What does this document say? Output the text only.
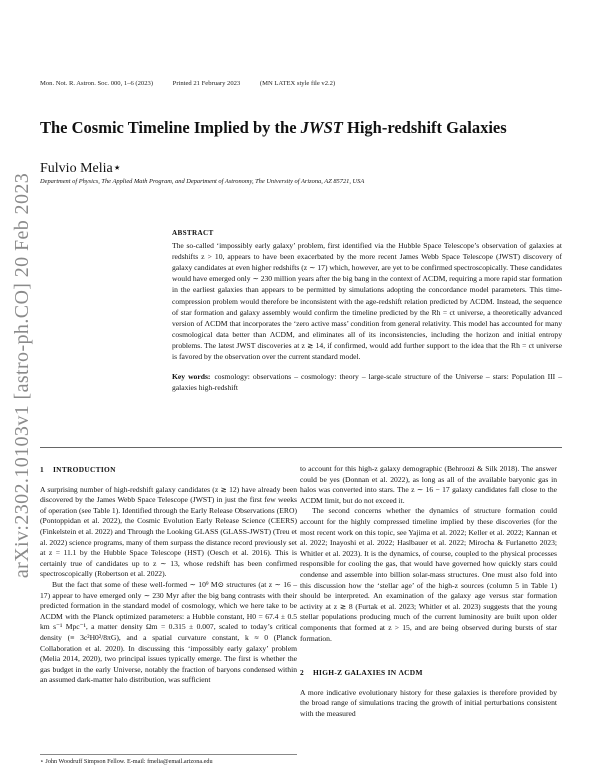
arXiv:2302.10103v1 [astro-ph.CO] 20 Feb 2023
Mon. Not. R. Astron. Soc. 000, 1–6 (2023)	Printed 21 February 2023	(MN LATEX style file v2.2)
The Cosmic Timeline Implied by the JWST High-redshift Galaxies
Fulvio Melia⋆
Department of Physics, The Applied Math Program, and Department of Astronomy, The University of Arizona, AZ 85721, USA
ABSTRACT
The so-called ‘impossibly early galaxy’ problem, first identified via the Hubble Space Telescope’s observation of galaxies at redshifts z > 10, appears to have been exacerbated by the more recent James Webb Space Telescope (JWST) discovery of galaxy candidates at even higher redshifts (z ∼ 17) which, however, are yet to be confirmed spectroscopically. These candidates would have emerged only ∼ 230 million years after the big bang in the context of ΛCDM, requiring a more rapid star formation in the earliest galaxies than appears to be permitted by simulations adopting the concordance model parameters. This time-compression problem would therefore be inconsistent with the age-redshift relation predicted by ΛCDM. Instead, the sequence of star formation and galaxy assembly would confirm the timeline predicted by the Rh = ct universe, a theoretically advanced version of ΛCDM that incorporates the ‘zero active mass’ condition from general relativity. This model has accounted for many cosmological data better than ΛCDM, and eliminates all of its inconsistencies, including the horizon and initial entropy problems. The latest JWST discoveries at z ≳ 14, if confirmed, would add further support to the idea that the Rh = ct universe is favored by the observation over the current standard model.
Key words: cosmology: observations – cosmology: theory – large-scale structure of the Universe – stars: Population III – galaxies high-redshift
1 INTRODUCTION

A surprising number of high-redshift galaxy candidates (z ≳ 12) have already been discovered by the James Webb Space Telescope (JWST) in just the first few weeks of operation (see Table 1). Identified through the Early Release Observations (ERO) (Pontoppidan et al. 2022), the Cosmic Evolution Early Release Science (CEERS) (Finkelstein et al. 2022) and Through the Looking GLASS (GLASS-JWST) (Treu et al. 2022) science programs, many of them surpass the distance record previously set at z = 11.1 by the Hubble Space Telescope (HST) (Oesch et al. 2016). This is certainly true of candidates up to z ∼ 13, whose redshift has been confirmed spectroscopically (Robertson et al. 2022).

But the fact that some of these well-formed ∼ 10⁹ M⊙ structures (at z ∼ 16 – 17) appear to have emerged only ∼ 230 Myr after the big bang contrasts with their predicted formation in the standard model of cosmology, which we here take to be ΛCDM with the Planck optimized parameters: a Hubble constant, H0 = 67.4 ± 0.5 km s⁻¹ Mpc⁻¹, a matter density Ωm = 0.315 ± 0.007, scaled to today’s critical density (≡ 3c²H0²/8πG), and a spatial curvature constant, k ≈ 0 (Planck Collaboration et al. 2020). In discussing this ‘impossibly early galaxy’ problem (Melia 2014, 2020), two principal issues typically emerge. The first is whether the gas budget in the early Universe, notably the fraction of baryons condensed within an assumed dark-matter halo distribution, was sufficient

to account for this high-z galaxy demographic (Behroozi & Silk 2018). The answer could be yes (Donnan et al. 2022), as long as all of the available baryonic gas in halos was converted into stars. The z ∼ 16 − 17 galaxy candidates fall close to the ΛCDM limit, but do not exceed it.

The second concerns whether the dynamics of structure formation could account for the highly compressed timeline implied by these discoveries (for the most recent work on this topic, see Yajima et al. 2022; Keller et al. 2022; Kannan et al. 2022; Inayoshi et al. 2022; Haslbauer et al. 2022; Mirocha & Furlanetto 2023; Whitler et al. 2023). It is the dynamics, of course, coupled to the physical processes responsible for cooling the gas, that would have governed how quickly stars could condense and assemble into billion solar-mass structures. One must also fold into this discussion how the ‘stellar age’ of the high-z sources (column 5 in Table 1) should be interpreted. An examination of the galaxy age versus star formation activity at z ≳ 8 (Furtak et al. 2023; Whitler et al. 2023) suggests that the young stellar populations producing much of the current luminosity are built upon older components that formed at z > 15, and are being observed during bursts of star formation.

2 HIGH-Z GALAXIES IN ΛCDM

A more indicative evolutionary history for these galaxies is therefore provided by the broad range of simulations tracing the growth of initial perturbations consistent with the measured

⋆ John Woodruff Simpson Fellow. E-mail: fmelia@email.arizona.edu
